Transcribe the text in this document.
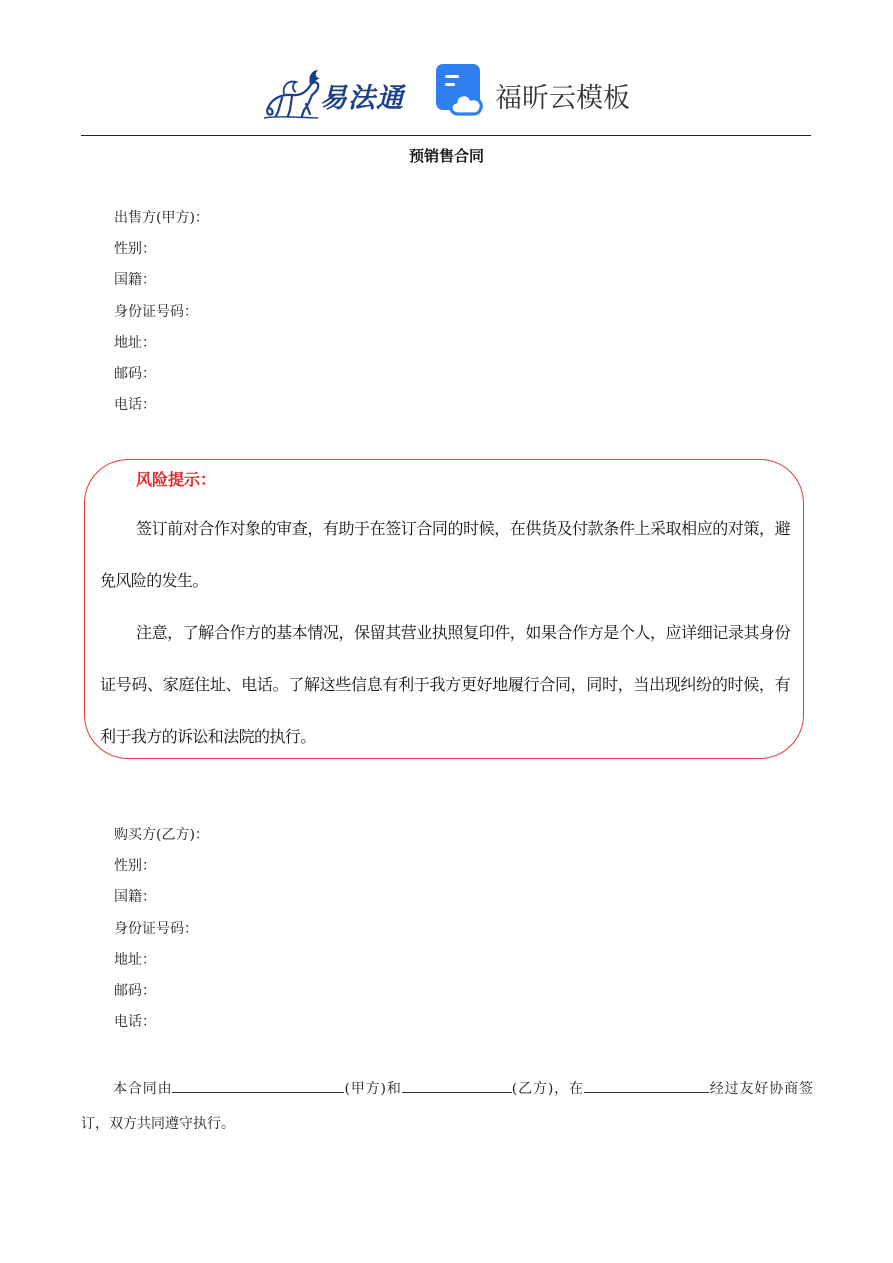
易法通	福昕云模板
预销售合同
出售方(甲方)：
性别：
国籍：
身份证号码：
地址：
邮码：
电话：
风险提示：

签订前对合作对象的审查，有助于在签订合同的时候，在供货及付款条件上采取相应的对策，避免风险的发生。

注意，了解合作方的基本情况，保留其营业执照复印件，如果合作方是个人，应详细记录其身份证号码、家庭住址、电话。了解这些信息有利于我方更好地履行合同，同时，当出现纠纷的时候，有利于我方的诉讼和法院的执行。

购买方(乙方)：
性别：
国籍：
身份证号码：
地址：
邮码：
电话：

本合同由	(甲方)和	(乙方)，在	经过友好协商签订，双方共同遵守执行。
